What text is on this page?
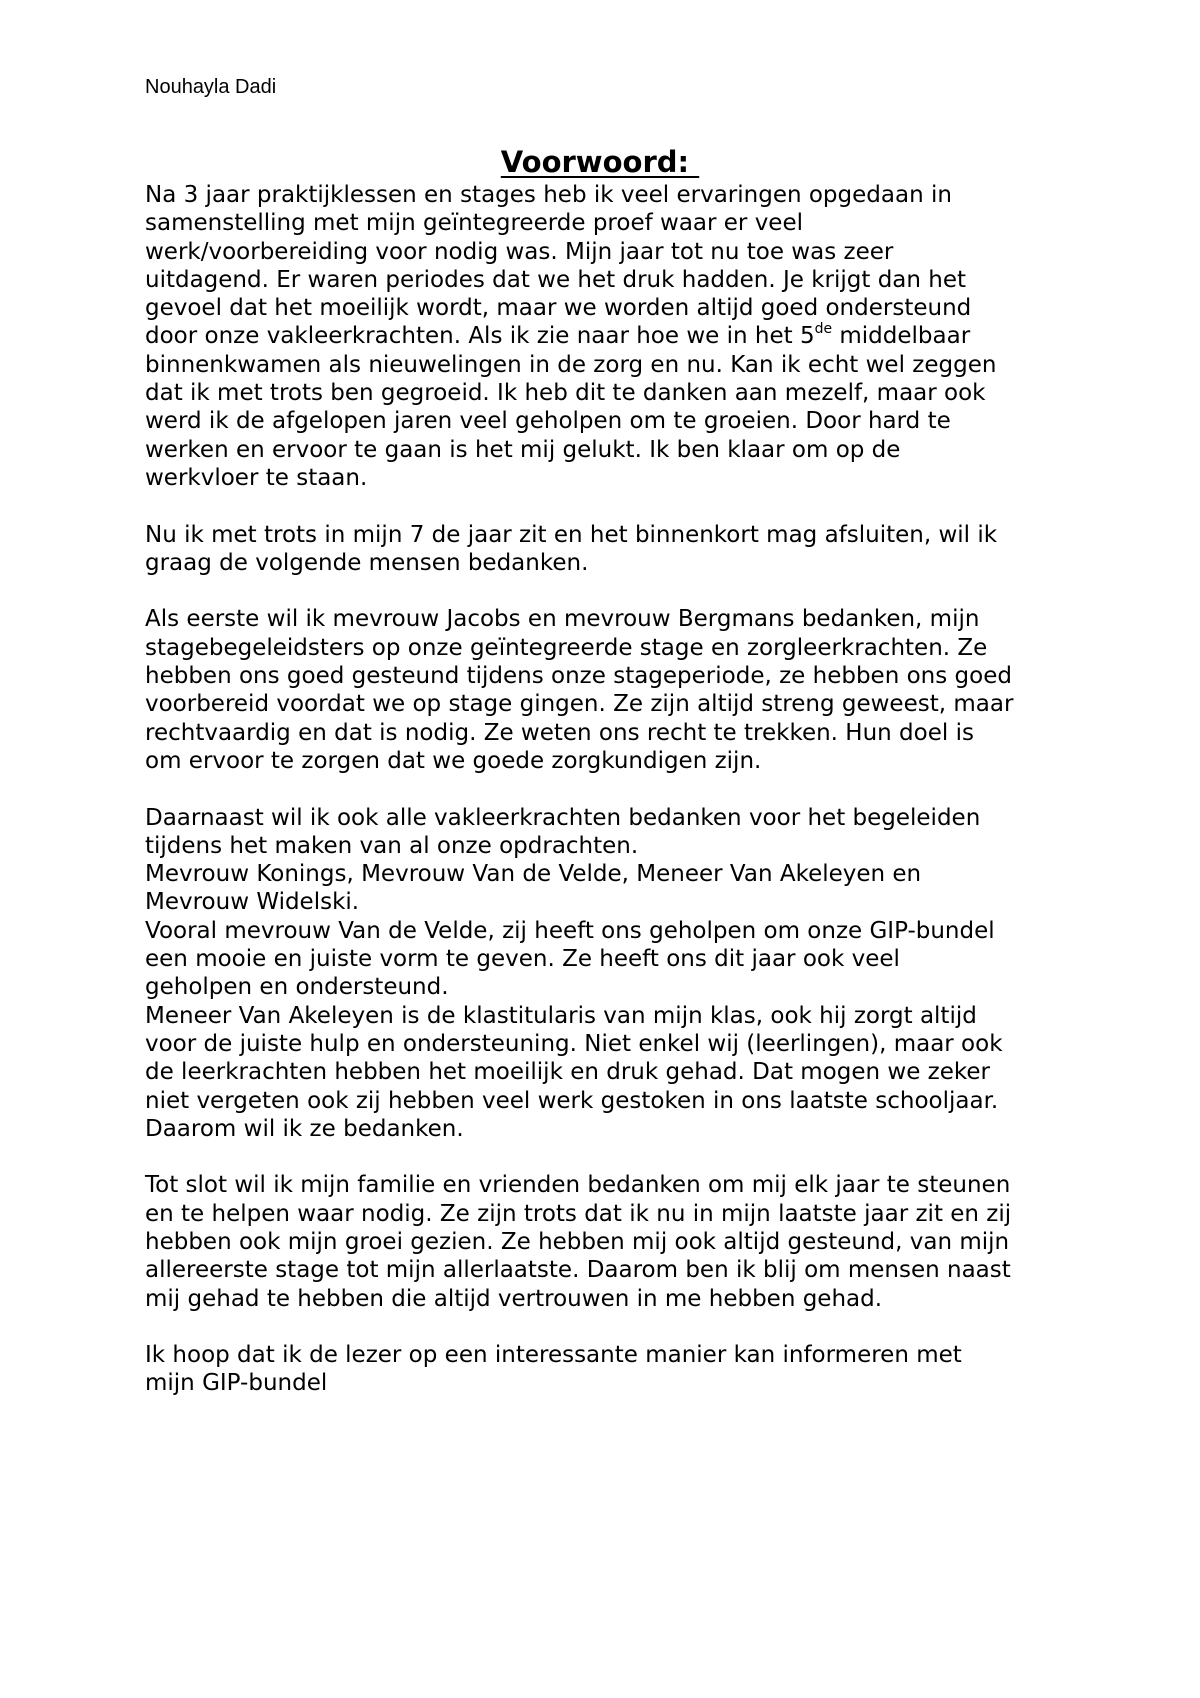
Nouhayla Dadi
Voorwoord:
Na 3 jaar praktijklessen en stages heb ik veel ervaringen opgedaan in
samenstelling met mijn geïntegreerde proef waar er veel
werk/voorbereiding voor nodig was. Mijn jaar tot nu toe was zeer
uitdagend. Er waren periodes dat we het druk hadden. Je krijgt dan het
gevoel dat het moeilijk wordt, maar we worden altijd goed ondersteund
door onze vakleerkrachten. Als ik zie naar hoe we in het 5de middelbaar
binnenkwamen als nieuwelingen in de zorg en nu. Kan ik echt wel zeggen
dat ik met trots ben gegroeid. Ik heb dit te danken aan mezelf, maar ook
werd ik de afgelopen jaren veel geholpen om te groeien. Door hard te
werken en ervoor te gaan is het mij gelukt. Ik ben klaar om op de
werkvloer te staan.
Nu ik met trots in mijn 7 de jaar zit en het binnenkort mag afsluiten, wil ik
graag de volgende mensen bedanken.
Als eerste wil ik mevrouw Jacobs en mevrouw Bergmans bedanken, mijn
stagebegeleidsters op onze geïntegreerde stage en zorgleerkrachten. Ze
hebben ons goed gesteund tijdens onze stageperiode, ze hebben ons goed
voorbereid voordat we op stage gingen. Ze zijn altijd streng geweest, maar
rechtvaardig en dat is nodig. Ze weten ons recht te trekken. Hun doel is
om ervoor te zorgen dat we goede zorgkundigen zijn.
Daarnaast wil ik ook alle vakleerkrachten bedanken voor het begeleiden
tijdens het maken van al onze opdrachten.
Mevrouw Konings, Mevrouw Van de Velde, Meneer Van Akeleyen en
Mevrouw Widelski.
Vooral mevrouw Van de Velde, zij heeft ons geholpen om onze GIP-bundel
een mooie en juiste vorm te geven. Ze heeft ons dit jaar ook veel
geholpen en ondersteund.
Meneer Van Akeleyen is de klastitularis van mijn klas, ook hij zorgt altijd
voor de juiste hulp en ondersteuning. Niet enkel wij (leerlingen), maar ook
de leerkrachten hebben het moeilijk en druk gehad. Dat mogen we zeker
niet vergeten ook zij hebben veel werk gestoken in ons laatste schooljaar.
Daarom wil ik ze bedanken.
Tot slot wil ik mijn familie en vrienden bedanken om mij elk jaar te steunen
en te helpen waar nodig. Ze zijn trots dat ik nu in mijn laatste jaar zit en zij
hebben ook mijn groei gezien. Ze hebben mij ook altijd gesteund, van mijn
allereerste stage tot mijn allerlaatste. Daarom ben ik blij om mensen naast
mij gehad te hebben die altijd vertrouwen in me hebben gehad.
Ik hoop dat ik de lezer op een interessante manier kan informeren met
mijn GIP-bundel
